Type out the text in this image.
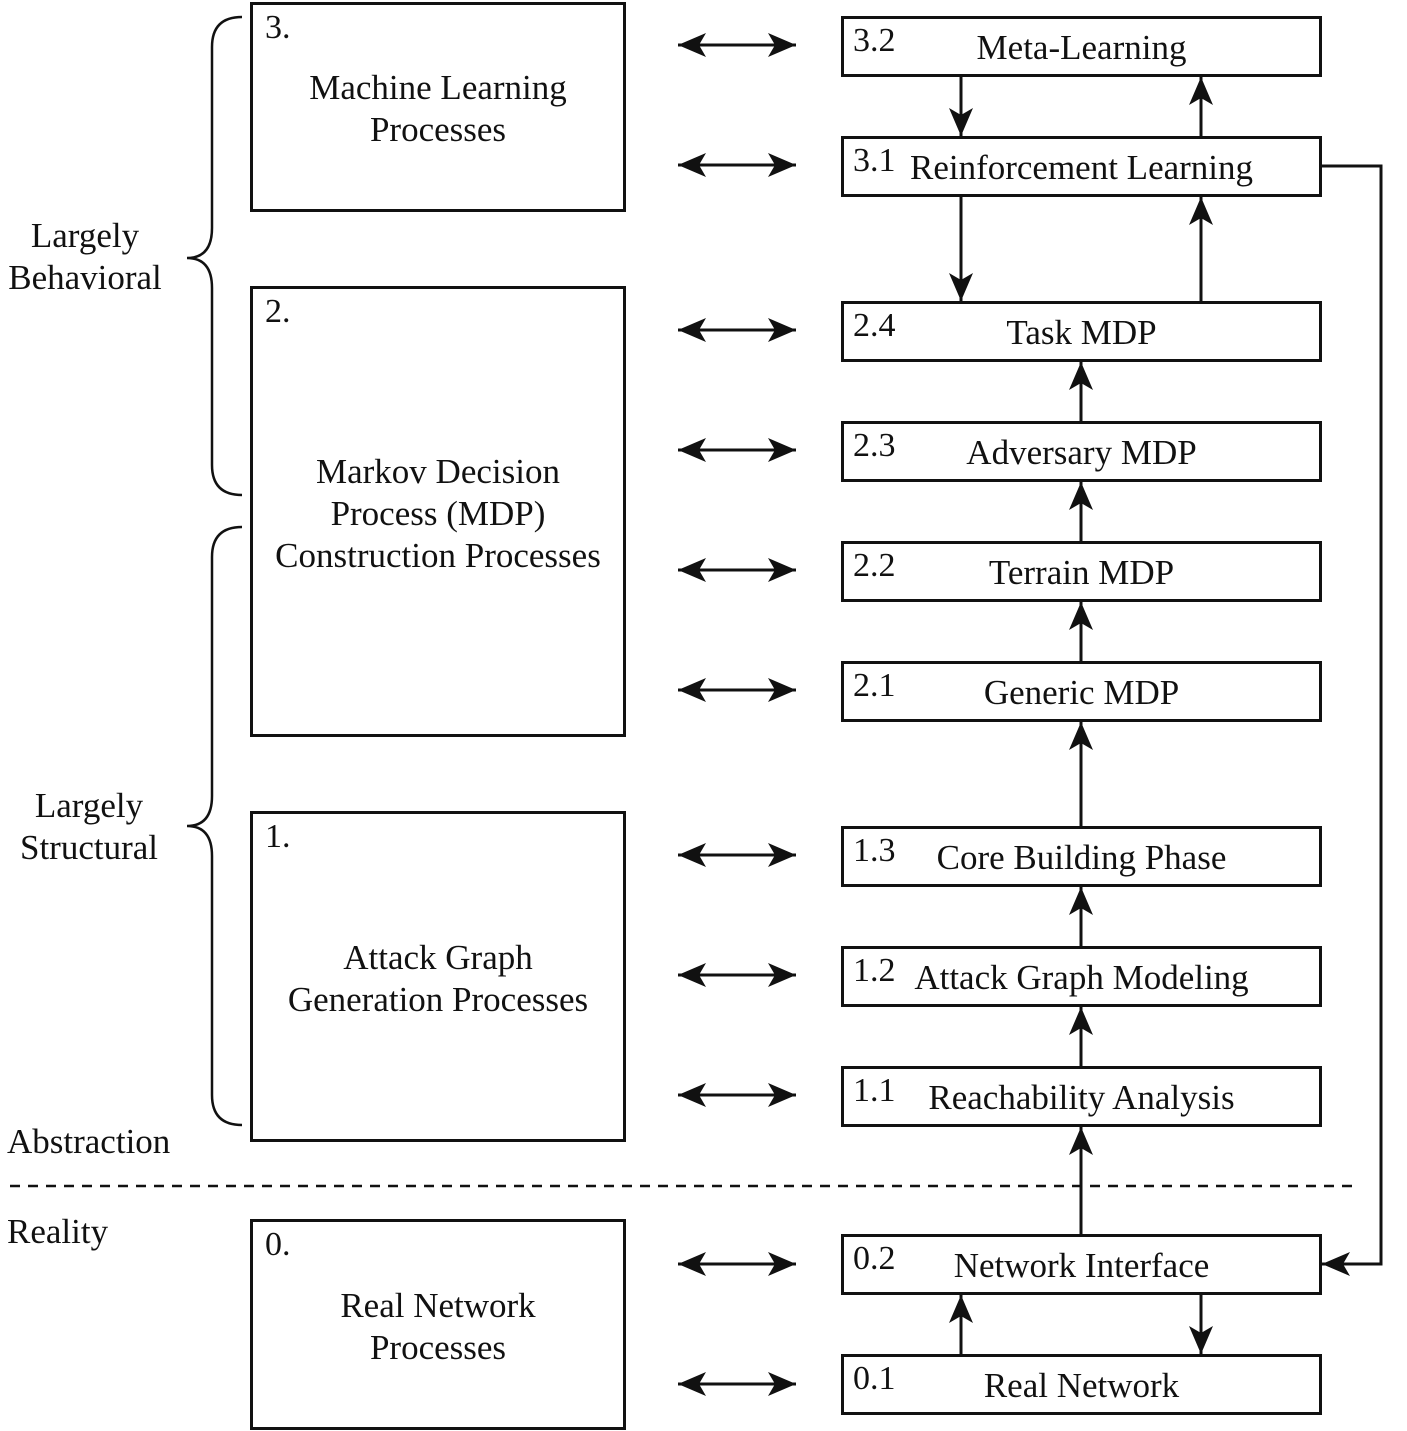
Largely
Behavioral
Largely
Structural
Abstraction
Reality
3.
Machine Learning
Processes
2.
Markov Decision
Process (MDP)
Construction Processes
1.
Attack Graph
Generation Processes
0.
Real Network
Processes
3.2	Meta-Learning
3.1 Reinforcement Learning
2.4	Task MDP
2.3	Adversary MDP
2.2	Terrain MDP
2.1	Generic MDP
1.3	Core Building Phase
1.2 Attack Graph Modeling
1.1 Reachability Analysis
0.2	Network Interface
0.1	Real Network
